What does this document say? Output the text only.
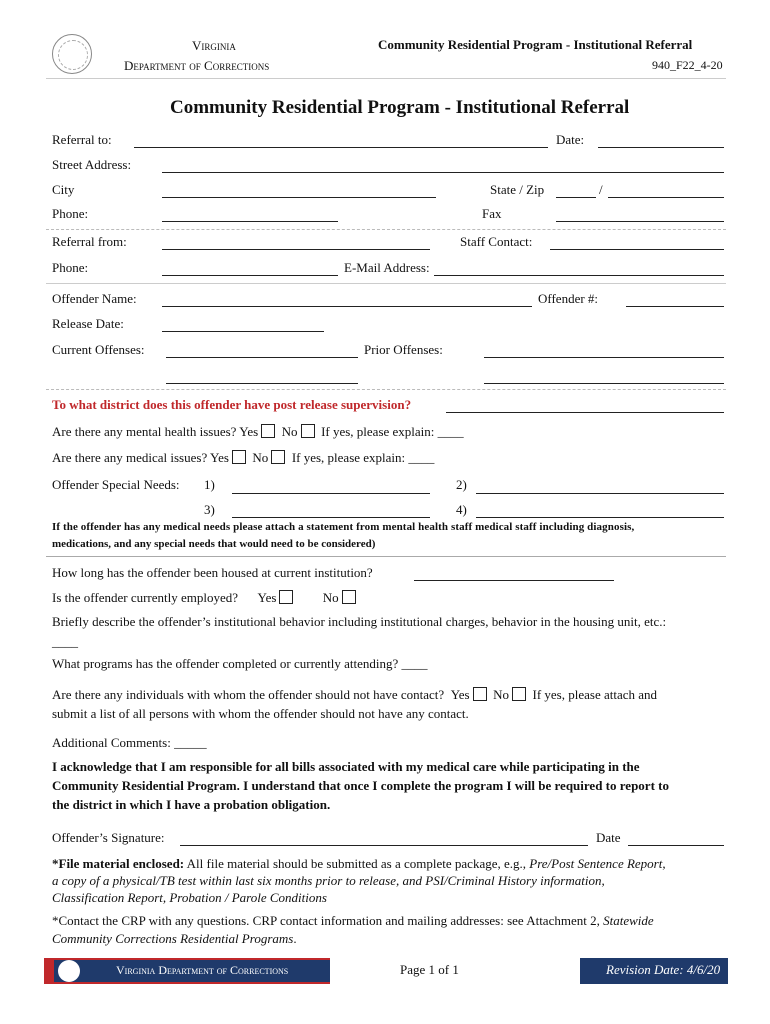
Virginia
Department of Corrections
Community Residential Program - Institutional Referral
940_F22_4-20
Community Residential Program - Institutional Referral
Referral to:	Date:
Street Address:
City	State / Zip	/
Phone:	Fax
Referral from:	Staff Contact:
Phone:	E-Mail Address:
Offender Name:	Offender #:
Release Date:
Current Offenses:	Prior Offenses:
To what district does this offender have post release supervision?
Are there any mental health issues? Yes No If yes, please explain: ____
Are there any medical issues? Yes No If yes, please explain: ____
Offender Special Needs: 1)	2)
3)	4)
If the offender has any medical needs please attach a statement from mental health staff medical staff including diagnosis,
medications, and any special needs that would need to be considered)
How long has the offender been housed at current institution?
Is the offender currently employed? Yes	No
Briefly describe the offender’s institutional behavior including institutional charges, behavior in the housing unit, etc.:
____
What programs has the offender completed or currently attending? ____
Are there any individuals with whom the offender should not have contact? Yes No If yes, please attach and
submit a list of all persons with whom the offender should not have any contact.
Additional Comments: _____
I acknowledge that I am responsible for all bills associated with my medical care while participating in the
Community Residential Program. I understand that once I complete the program I will be required to report to
the district in which I have a probation obligation.
Offender’s Signature:	Date
*File material enclosed: All file material should be submitted as a complete package, e.g., Pre/Post Sentence Report,
a copy of a physical/TB test within last six months prior to release, and PSI/Criminal History information,
Classification Report, Probation / Parole Conditions
*Contact the CRP with any questions. CRP contact information and mailing addresses: see Attachment 2, Statewide
Community Corrections Residential Programs.
Virginia Department of Corrections	Page 1 of 1	Revision Date: 4/6/20
